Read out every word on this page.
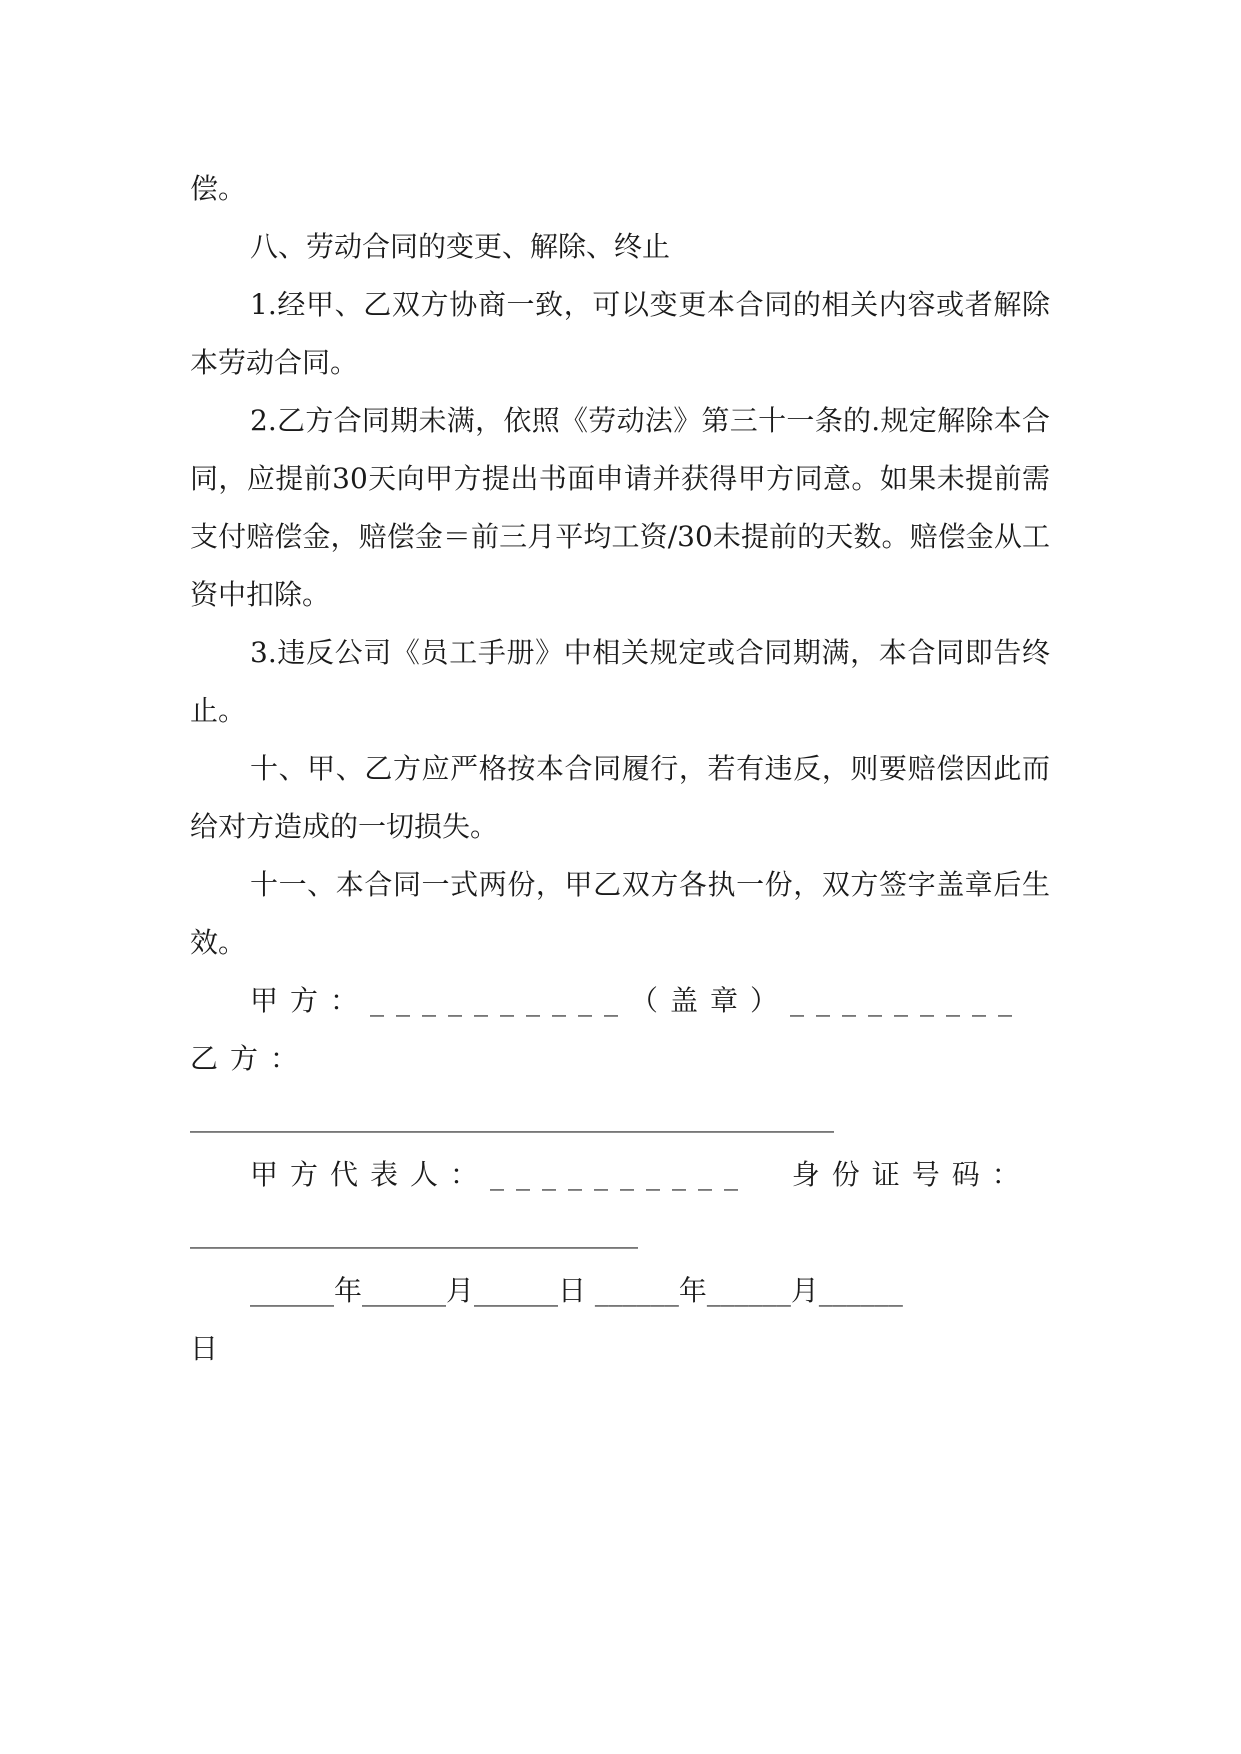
偿。

八、劳动合同的变更、解除、终止

1.经甲、乙双方协商一致，可以变更本合同的相关内容或者解除本劳动合同。

2.乙方合同期未满，依照《劳动法》第三十一条的.规定解除本合同，应提前30天向甲方提出书面申请并获得甲方同意。如果未提前需支付赔偿金，赔偿金＝前三月平均工资/30未提前的天数。赔偿金从工资中扣除。

3.违反公司《员工手册》中相关规定或合同期满，本合同即告终止。

十、甲、乙方应严格按本合同履行，若有违反，则要赔偿因此而给对方造成的一切损失。

十一、本合同一式两份，甲乙双方各执一份，双方签字盖章后生效。

甲方：__________（盖章）_________  乙方：

______________________________________________

甲方代表人：__________  身份证号码：

________________________________

______年______月______日 ______年______月______

日
